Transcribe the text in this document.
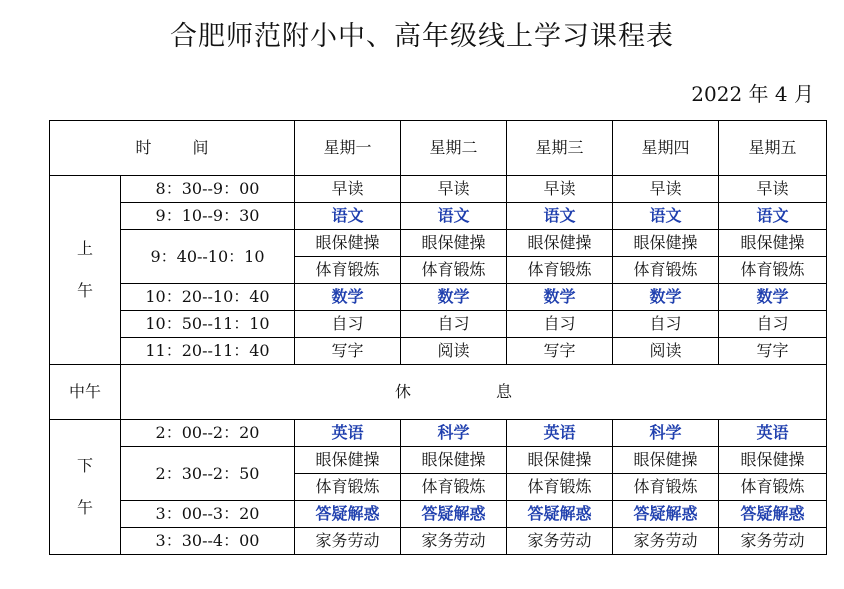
合肥师范附小中、高年级线上学习课程表
2022 年 4 月
时 间		星期一	星期二	星期三	星期四	星期五

上
午	8：30--9：00	早读	早读	早读	早读	早读
	9：10--9：30	语文	语文	语文	语文	语文
	9：40--10：10	眼保健操	眼保健操	眼保健操	眼保健操	眼保健操
		体育锻炼	体育锻炼	体育锻炼	体育锻炼	体育锻炼
	10：20--10：40	数学	数学	数学	数学	数学
	10：50--11：10	自习	自习	自习	自习	自习
	11：20--11：40	写字	阅读	写字	阅读	写字
中午	休 息					

下
午	2：00--2：20	英语	科学	英语	科学	英语
	2：30--2：50	眼保健操	眼保健操	眼保健操	眼保健操	眼保健操
		体育锻炼	体育锻炼	体育锻炼	体育锻炼	体育锻炼
	3：00--3：20	答疑解惑	答疑解惑	答疑解惑	答疑解惑	答疑解惑
	3：30--4：00	家务劳动	家务劳动	家务劳动	家务劳动	家务劳动
